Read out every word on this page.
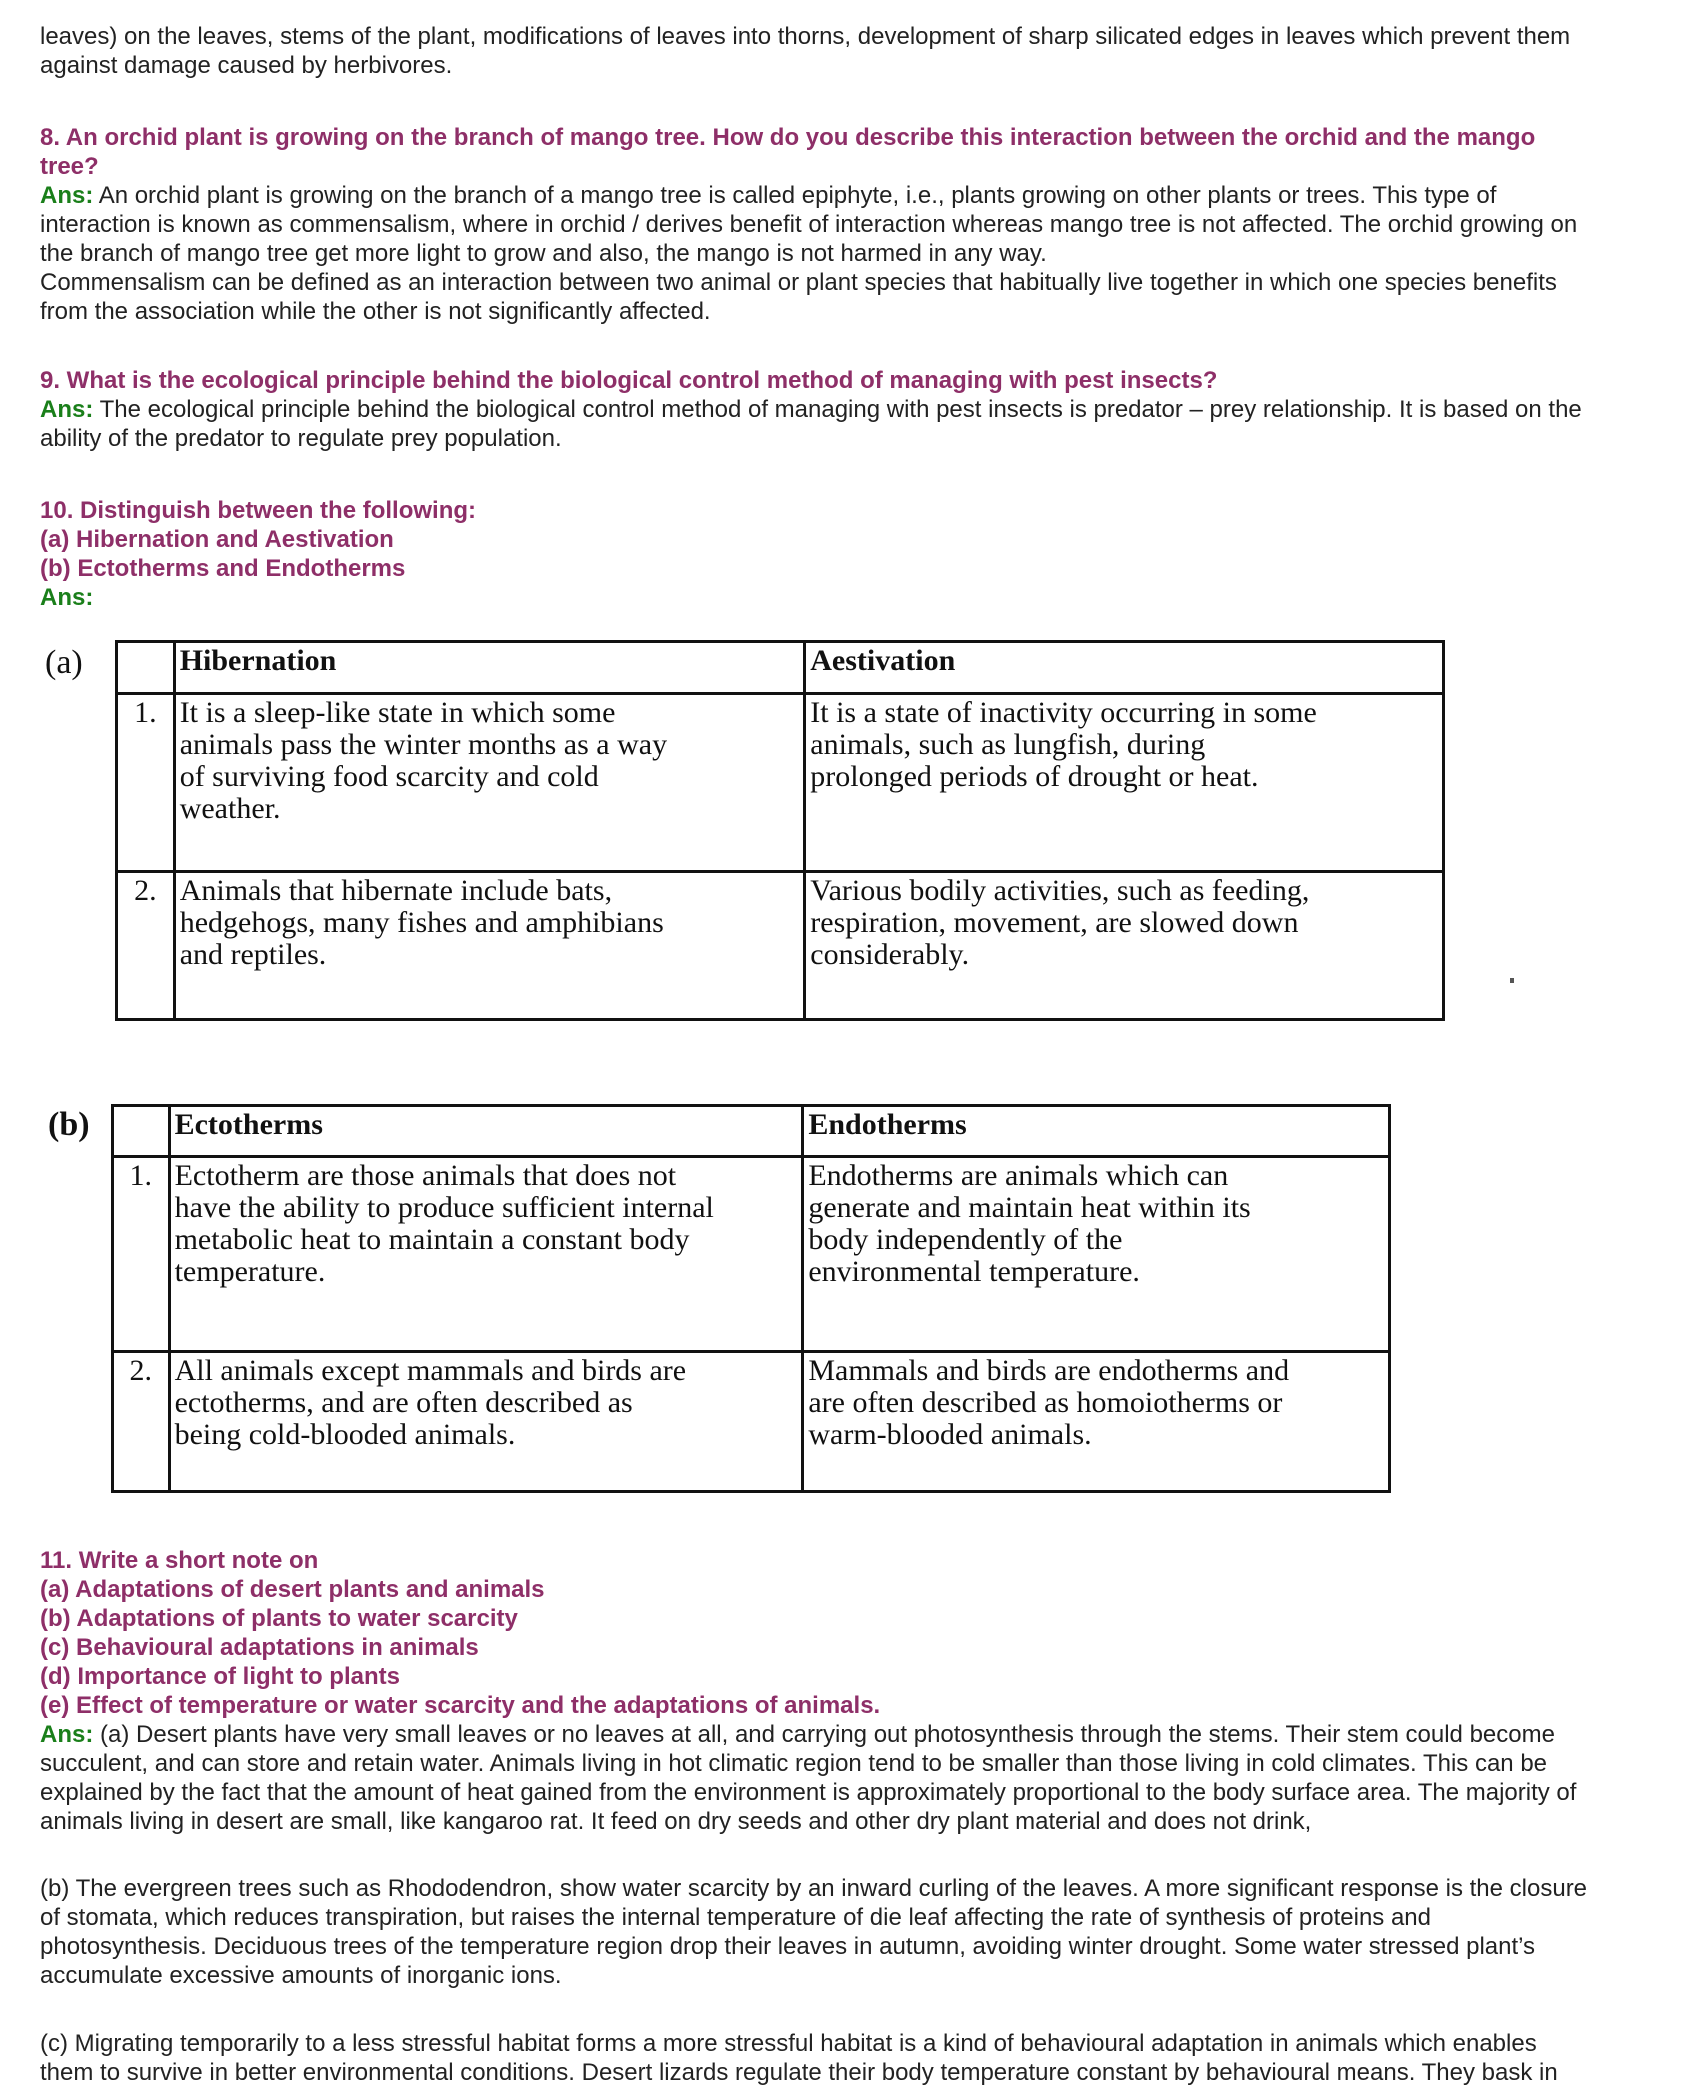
leaves) on the leaves, stems of the plant, modifications of leaves into thorns, development of sharp silicated edges in leaves which prevent them
against damage caused by herbivores.
8. An orchid plant is growing on the branch of mango tree. How do you describe this interaction between the orchid and the mango
tree?
Ans: An orchid plant is growing on the branch of a mango tree is called epiphyte, i.e., plants growing on other plants or trees. This type of
interaction is known as commensalism, where in orchid / derives benefit of interaction whereas mango tree is not affected. The orchid growing on
the branch of mango tree get more light to grow and also, the mango is not harmed in any way.
Commensalism can be defined as an interaction between two animal or plant species that habitually live together in which one species benefits
from the association while the other is not significantly affected.
9. What is the ecological principle behind the biological control method of managing with pest insects?
Ans: The ecological principle behind the biological control method of managing with pest insects is predator – prey relationship. It is based on the
ability of the predator to regulate prey population.
10. Distinguish between the following:
(a) Hibernation and Aestivation
(b) Ectotherms and Endotherms
Ans:
(a)
		Hibernation	Aestivation
1.	It is a sleep-like state in which some
animals pass the winter months as a way
of surviving food scarcity and cold
weather.	It is a state of inactivity occurring in some
animals, such as lungfish, during
prolonged periods of drought or heat.

2.	Animals that hibernate include bats,
hedgehogs, many fishes and amphibians
and reptiles.	Various bodily activities, such as feeding,
respiration, movement, are slowed down
considerably.
(b)
		Ectotherms	Endotherms
1.	Ectotherm are those animals that does not
have the ability to produce sufficient internal
metabolic heat to maintain a constant body
temperature.	Endotherms are animals which can
generate and maintain heat within its
body independently of the
environmental temperature.

2.	All animals except mammals and birds are
ectotherms, and are often described as
being cold-blooded animals.	Mammals and birds are endotherms and
are often described as homoiotherms or
warm-blooded animals.
11. Write a short note on
(a) Adaptations of desert plants and animals
(b) Adaptations of plants to water scarcity
(c) Behavioural adaptations in animals
(d) Importance of light to plants
(e) Effect of temperature or water scarcity and the adaptations of animals.
Ans: (a) Desert plants have very small leaves or no leaves at all, and carrying out photosynthesis through the stems. Their stem could become
succulent, and can store and retain water. Animals living in hot climatic region tend to be smaller than those living in cold climates. This can be
explained by the fact that the amount of heat gained from the environment is approximately proportional to the body surface area. The majority of
animals living in desert are small, like kangaroo rat. It feed on dry seeds and other dry plant material and does not drink,
(b) The evergreen trees such as Rhododendron, show water scarcity by an inward curling of the leaves. A more significant response is the closure
of stomata, which reduces transpiration, but raises the internal temperature of die leaf affecting the rate of synthesis of proteins and
photosynthesis. Deciduous trees of the temperature region drop their leaves in autumn, avoiding winter drought. Some water stressed plant’s
accumulate excessive amounts of inorganic ions.
(c) Migrating temporarily to a less stressful habitat forms a more stressful habitat is a kind of behavioural adaptation in animals which enables
them to survive in better environmental conditions. Desert lizards regulate their body temperature constant by behavioural means. They bask in
